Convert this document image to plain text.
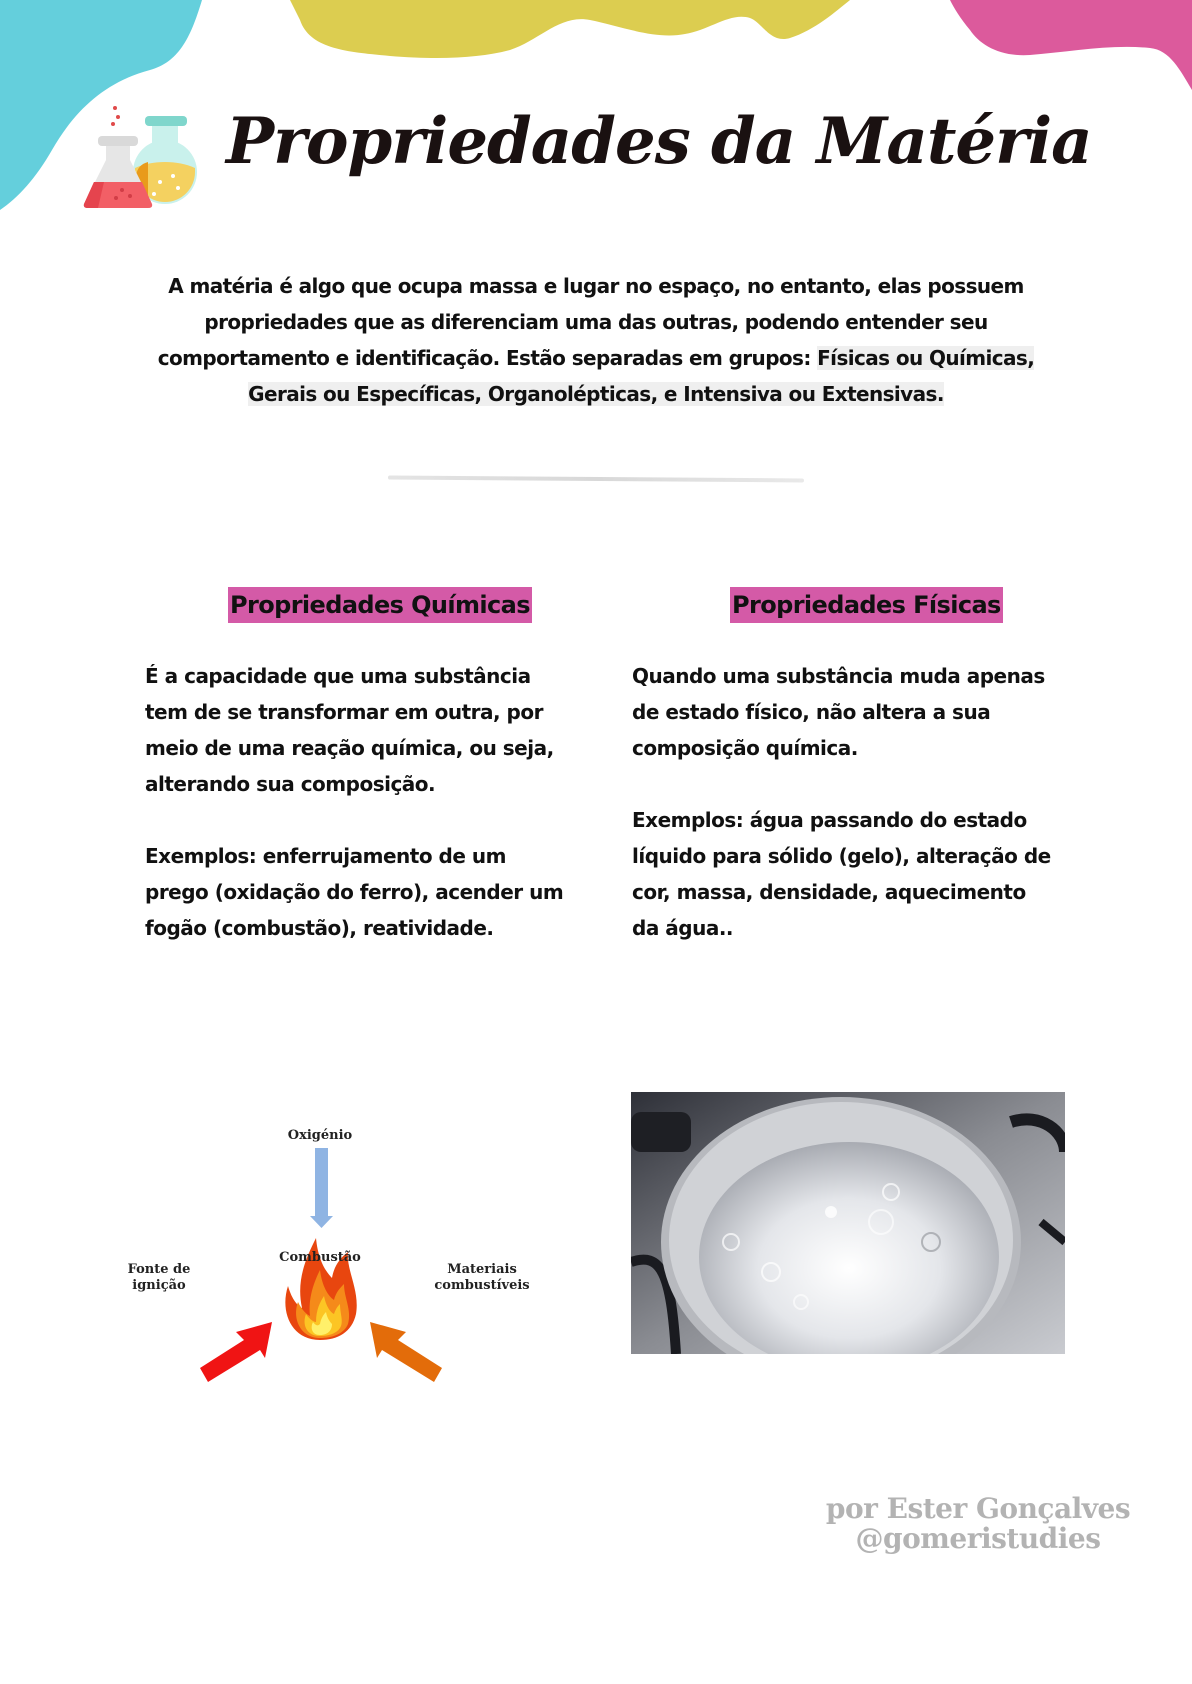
Propriedades da Matéria
A matéria é algo que ocupa massa e lugar no espaço, no entanto, elas possuem propriedades que as diferenciam uma das outras, podendo entender seu comportamento e identificação. Estão separadas em grupos: Físicas ou Químicas, Gerais ou Específicas, Organolépticas, e Intensiva ou Extensivas.
Propriedades Químicas	Propriedades Físicas

É a capacidade que uma substância tem de se transformar em outra, por meio de uma reação química, ou seja, alterando sua composição.

Exemplos: enferrujamento de um prego (oxidação do ferro), acender um fogão (combustão), reatividade.

Quando uma substância muda apenas de estado físico, não altera a sua composição química.

Exemplos: água passando do estado líquido para sólido (gelo), alteração de cor, massa, densidade, aquecimento da água..

Oxigénio
Combustão
Fonte de
ignição
Materiais
combustíveis
por Ester Gonçalves
@gomeristudies
